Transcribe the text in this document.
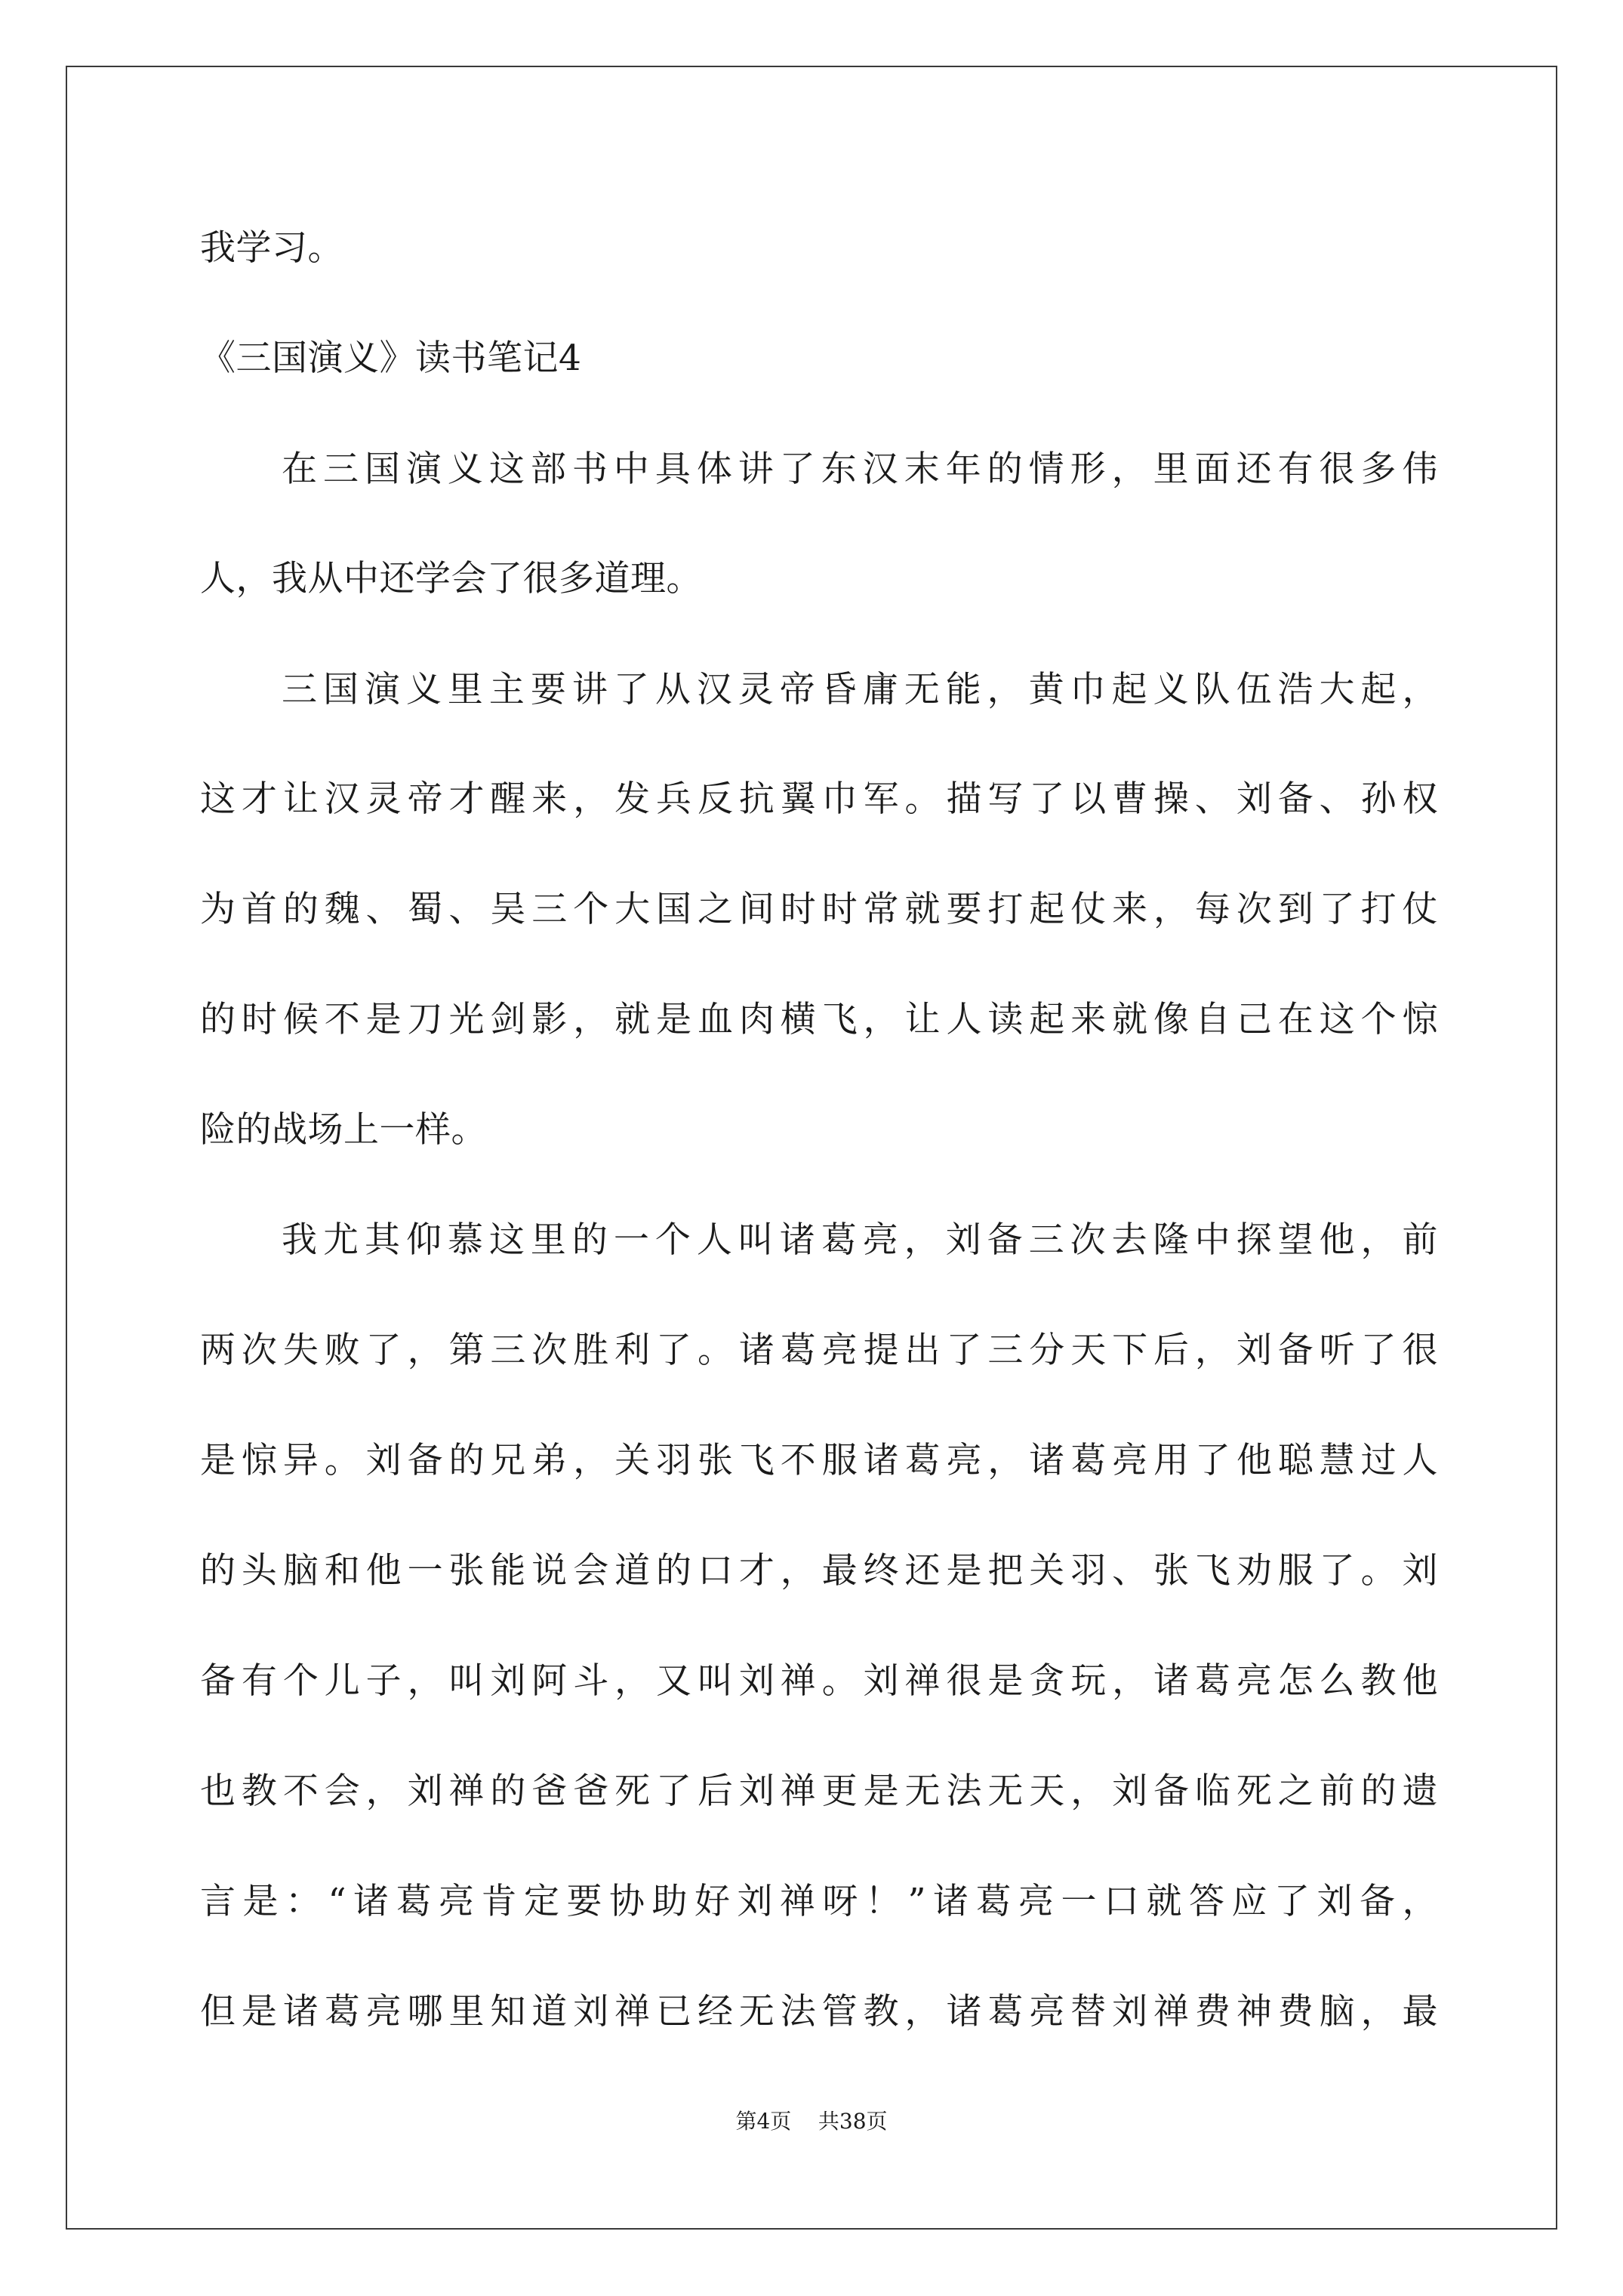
我学习。
《三国演义》读书笔记4
在三国演义这部书中具体讲了东汉末年的情形，里面还有很多伟
人，我从中还学会了很多道理。
三国演义里主要讲了从汉灵帝昏庸无能，黄巾起义队伍浩大起，
这才让汉灵帝才醒来，发兵反抗翼巾军。描写了以曹操、刘备、孙权
为首的魏、蜀、吴三个大国之间时时常就要打起仗来，每次到了打仗
的时候不是刀光剑影，就是血肉横飞，让人读起来就像自己在这个惊
险的战场上一样。
我尤其仰慕这里的一个人叫诸葛亮，刘备三次去隆中探望他，前
两次失败了，第三次胜利了。诸葛亮提出了三分天下后，刘备听了很
是惊异。刘备的兄弟，关羽张飞不服诸葛亮，诸葛亮用了他聪慧过人
的头脑和他一张能说会道的口才，最终还是把关羽、张飞劝服了。刘
备有个儿子，叫刘阿斗，又叫刘禅。刘禅很是贪玩，诸葛亮怎么教他
也教不会，刘禅的爸爸死了后刘禅更是无法无天，刘备临死之前的遗
言是：“诸葛亮肯定要协助好刘禅呀！”诸葛亮一口就答应了刘备，
但是诸葛亮哪里知道刘禅已经无法管教，诸葛亮替刘禅费神费脑，最
第4页 共38页
